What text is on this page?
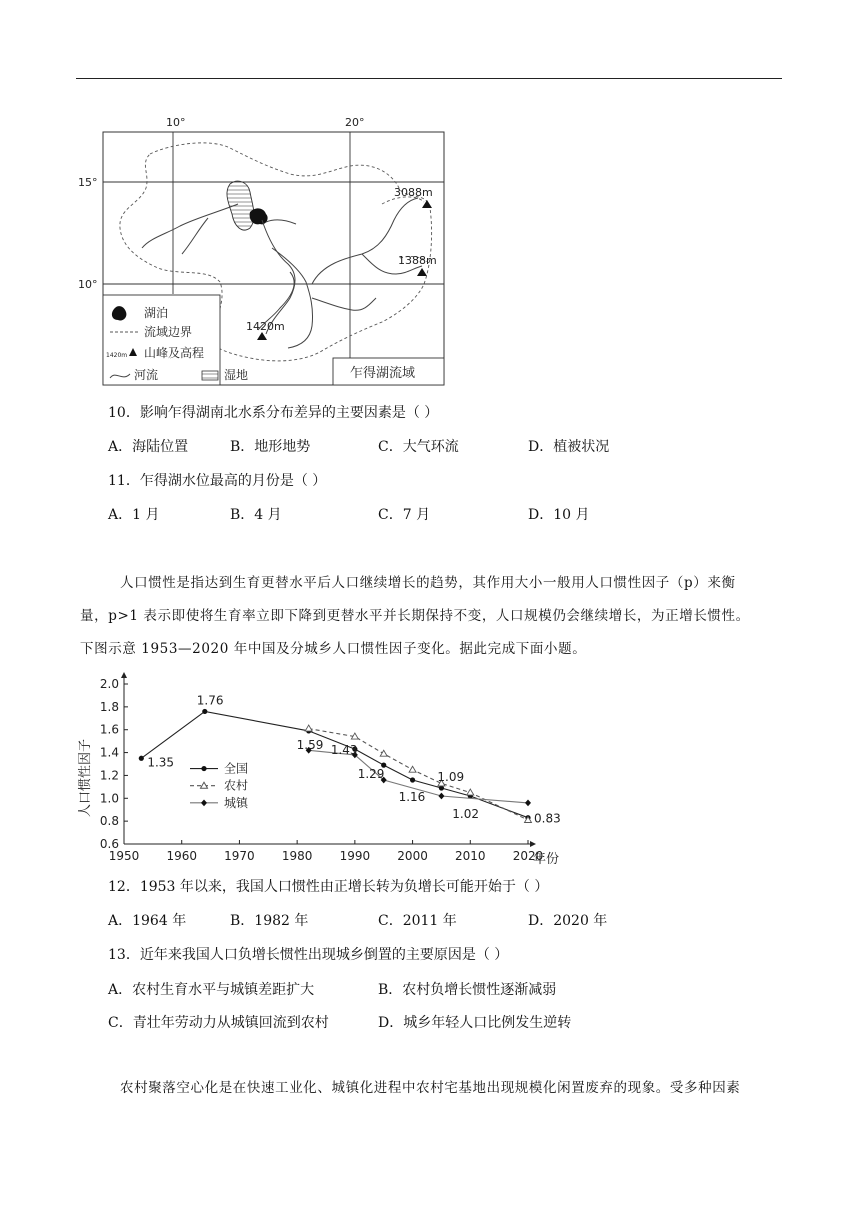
10°	20°
15°
10°
3088m
1388m
1420m
湖泊
流域边界
1420m 山峰及高程
河流	湿地	乍得湖流域
10．影响乍得湖南北水系分布差异的主要因素是（ ）
A．海陆位置	B．地形地势	C．大气环流	D．植被状况
11．乍得湖水位最高的月份是（ ）
A．1 月	B．4 月	C．7 月	D．10 月
人口惯性是指达到生育更替水平后人口继续增长的趋势，其作用大小一般用人口惯性因子（p）来衡
量，p>1 表示即使将生育率立即下降到更替水平并长期保持不变，人口规模仍会继续增长，为正增长惯性。
下图示意 1953—2020 年中国及分城乡人口惯性因子变化。据此完成下面小题。
人口惯性因子
0.6
0.8
1.0
1.2
1.4
1.6
1.8
2.0
1950 1960 1970 1980 1990 2000 2010 2020
1.35
1.76
1.59 1.43
1.29
1.16
1.09
1.02	0.83
全国
农村
城镇
年份
12．1953 年以来，我国人口惯性由正增长转为负增长可能开始于（ ）
A．1964 年	B．1982 年	C．2011 年	D．2020 年
13．近年来我国人口负增长惯性出现城乡倒置的主要原因是（ ）
A．农村生育水平与城镇差距扩大	B．农村负增长惯性逐渐减弱
C．青壮年劳动力从城镇回流到农村	D．城乡年轻人口比例发生逆转
农村聚落空心化是在快速工业化、城镇化进程中农村宅基地出现规模化闲置废弃的现象。受多种因素
